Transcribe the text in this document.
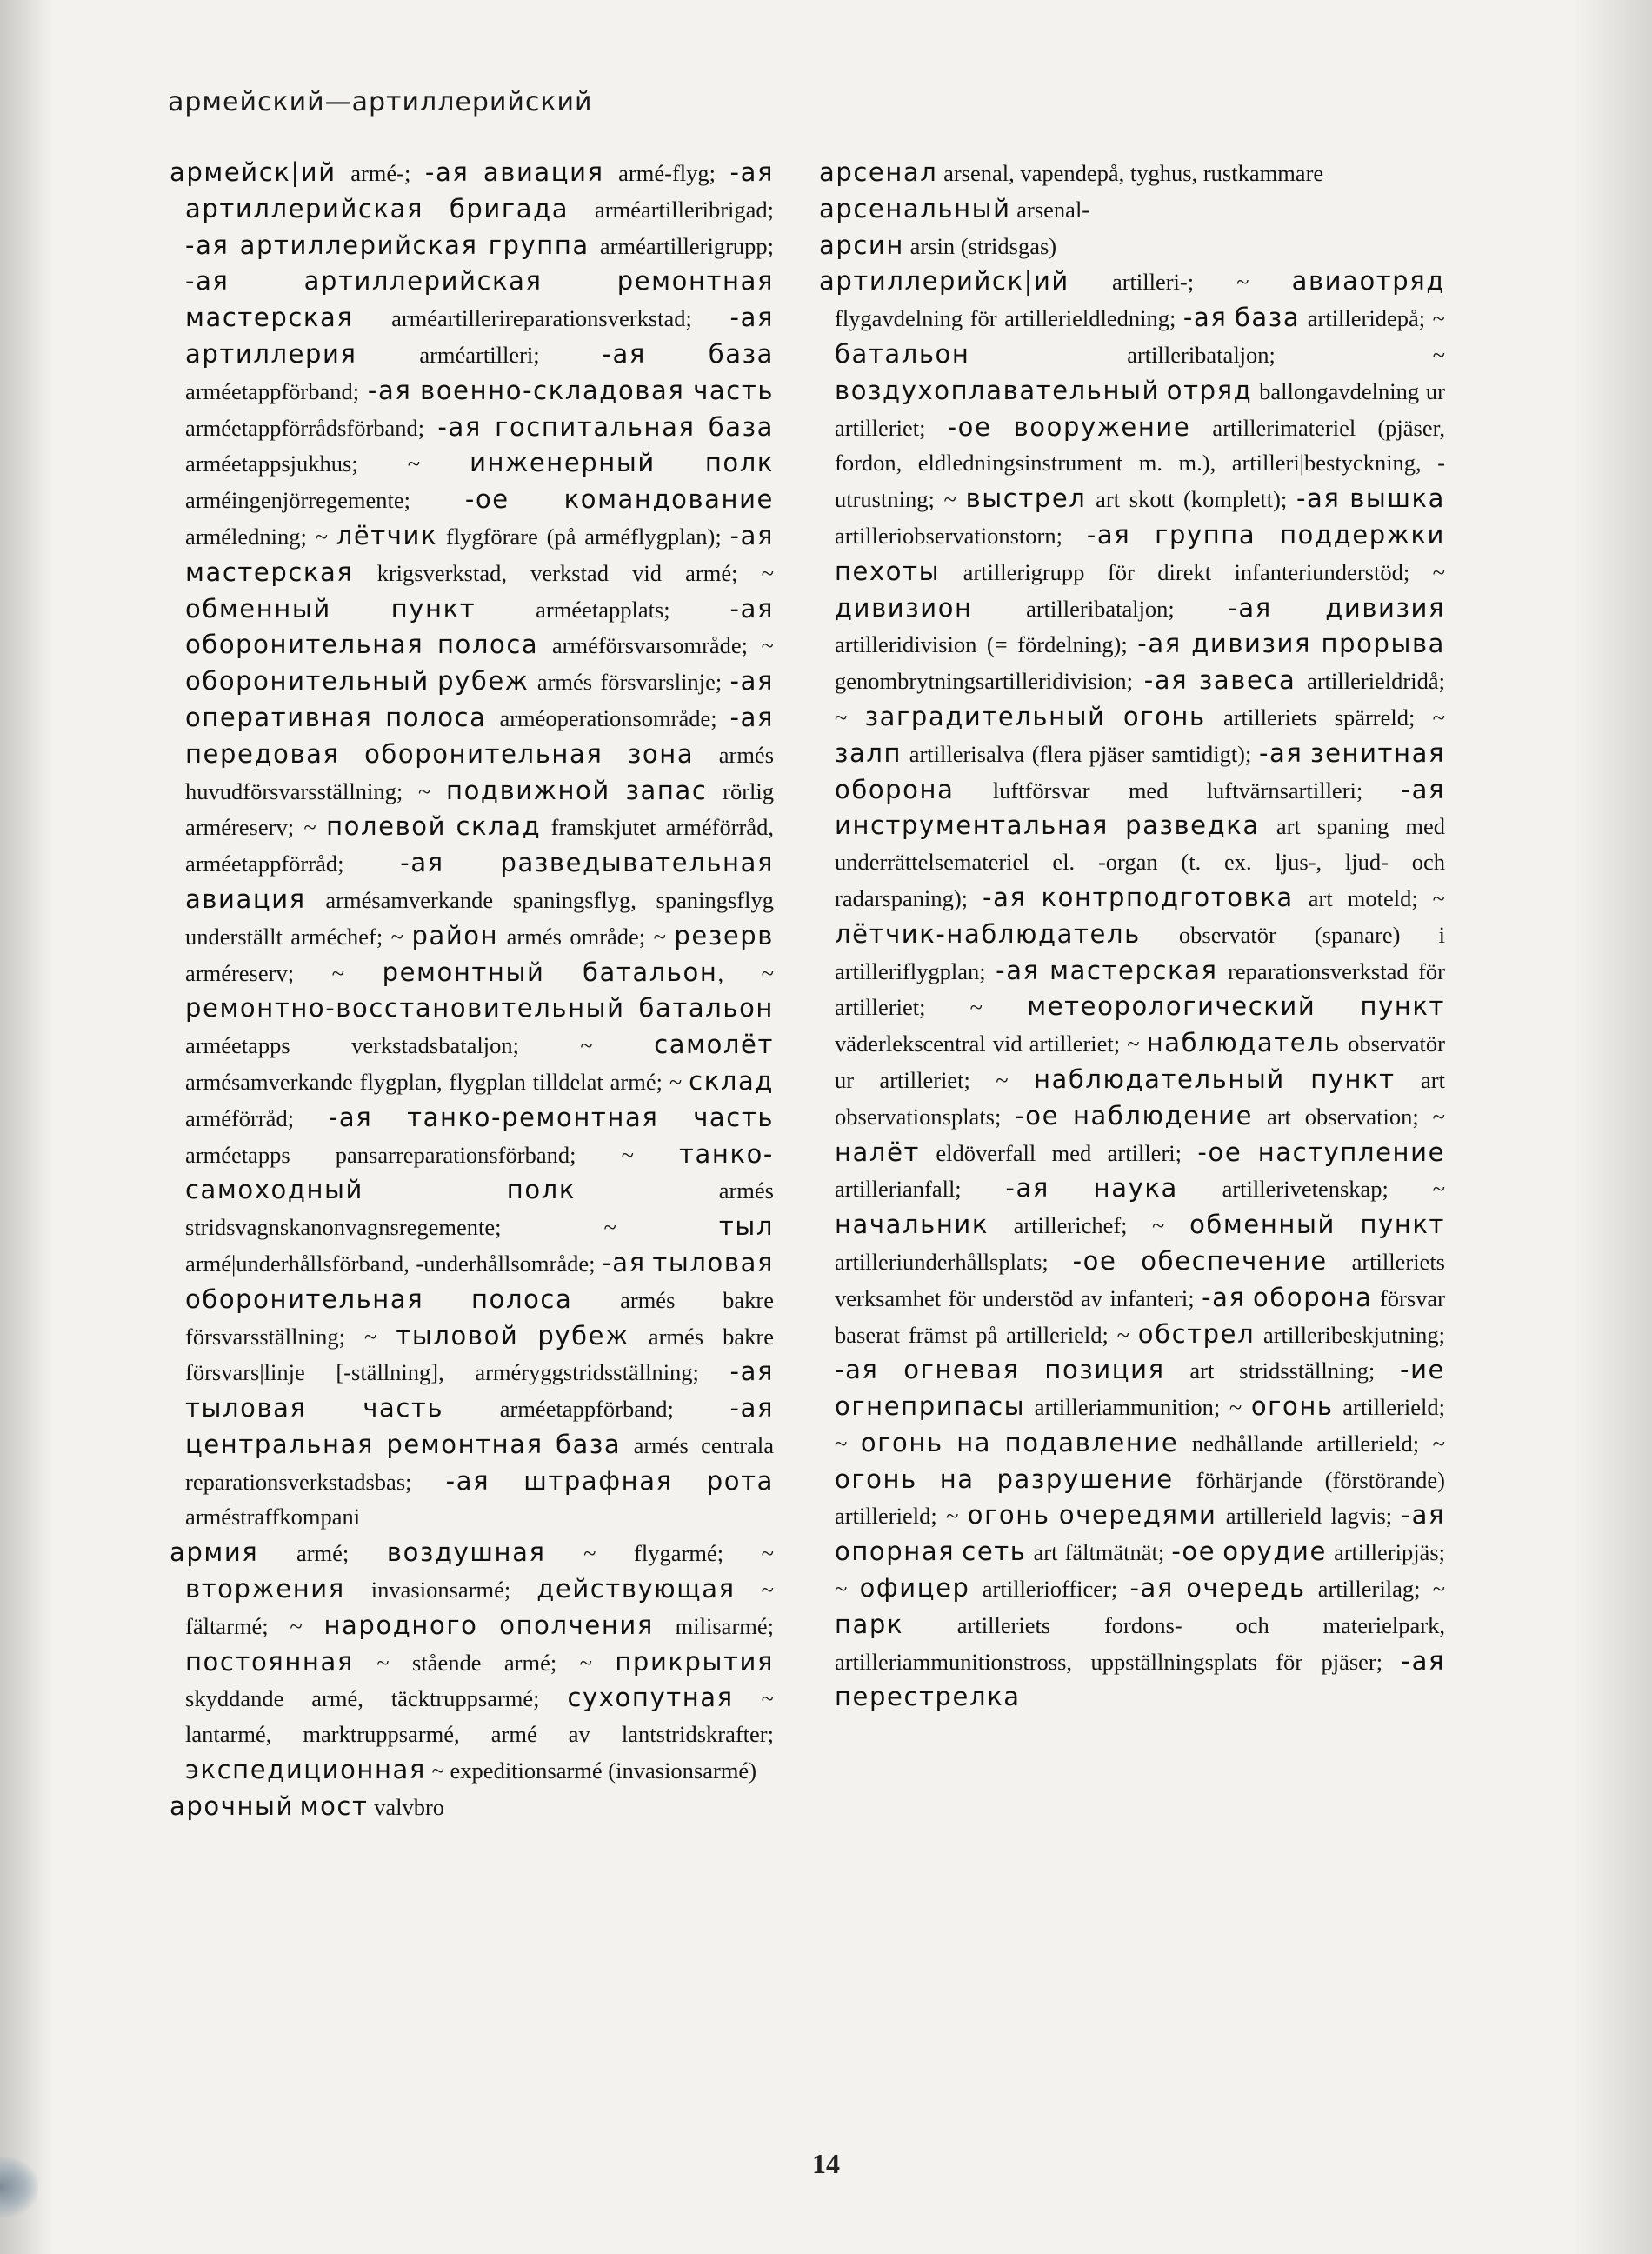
армейский—артиллерийский

армейск|ий armé-; -ая авиация armé-flyg; -ая артиллерийская бригада arméartilleribrigad; -ая артиллерийская группа arméartillerigrupp; -ая	артиллерийская	ремонтная мастерская arméartillerireparationsverkstad; -ая артиллерия arméartilleri; -ая база arméetappförband; -ая военно-складовая часть arméetappförrådsförband; -ая госпитальная база arméetappsjukhus; ~ инженерный полк arméingenjörregemente; -ое командование arméledning; ~ лётчик flygförare (på arméflygplan); -ая мастерская krigsverkstad, verkstad vid armé; ~ обменный пункт arméetapplats; -ая оборонительная полоса arméförsvarsområde; ~ оборонительный рубеж armés försvarslinje; -ая оперативная полоса arméoperationsområde; -ая передовая оборонительная зона armés huvudförsvarsställning; ~ подвижной запас rörlig arméreserv; ~ полевой склад framskjutet arméförråd, arméetappförråd; -ая разведывательная авиация armésamverkande spaningsflyg, spaningsflyg underställt arméchef; ~ район armés område; ~ резерв arméreserv; ~ ремонтный батальон, ~ ремонтно-восстановительный батальон arméetapps verkstadsbataljon; ~ самолёт armésamverkande flygplan, flygplan tilldelat armé; ~ склад arméförråd; -ая танко-ремонтная часть arméetapps pansarreparationsförband; ~ танко-самоходный	полк armés stridsvagnskanonvagnsregemente; ~ тыл armé|underhållsförband, -underhållsområde; -ая тыловая оборонительная полоса armés bakre försvarsställning; ~ тыловой рубеж armés bakre försvars|linje [-ställning], arméryggstridsställning; -ая тыловая часть arméetappförband; -ая центральная ремонтная база armés centrala reparationsverkstadsbas; -ая штрафная рота arméstraffkompani

армия armé; воздушная ~ flygarmé; ~ вторжения invasionsarmé; действующая ~ fältarmé; ~ народного ополчения milisarmé; постоянная ~ stående armé; ~ прикрытия skyddande armé, täcktruppsarmé; сухопутная ~ lantarmé, marktruppsarmé, armé av lantstridskrafter; экспедиционная ~ expeditionsarmé (invasionsarmé)

арочный мост valvbro

арсенал arsenal, vapendepå, tyghus, rustkammare

арсенальный arsenal-

арсин arsin (stridsgas)

артиллерийск|ий artilleri-; ~ авиаотряд flygavdelning för artillerieldledning; -ая база artilleridepå; ~ батальон artilleribataljon; ~ воздухоплавательный отряд ballongavdelning ur artilleriet; -ое вооружение artillerimateriel (pjäser, fordon, eldledningsinstrument m. m.), artilleri|bestyckning, -utrustning; ~ выстрел art skott (komplett); -ая вышка artilleriobservationstorn; -ая группа поддержки пехоты artillerigrupp för direkt infanteriunderstöd; ~ дивизион artilleribataljon; -ая дивизия artilleridivision (= fördelning); -ая дивизия прорыва genombrytningsartilleridivision; -ая завеса artillerieldridå; ~ заградительный огонь artilleriets spärreld; ~ залп artillerisalva (flera pjäser samtidigt); -ая зенитная оборона luftförsvar med luftvärnsartilleri; -ая инструментальная разведка art spaning med underrättelsemateriel el. -organ (t. ex. ljus-, ljud- och radarspaning); -ая контрподготовка art moteld; ~ лётчик-наблюдатель observatör (spanare) i artilleriflygplan; -ая мастерская reparationsverkstad för artilleriet; ~ метеорологический пункт väderlekscentral vid artilleriet; ~ наблюдатель observatör ur artilleriet; ~ наблюдательный пункт art observationsplats; -ое наблюдение art observation; ~ налёт eldöverfall med artilleri; -ое наступление artillerianfall; -ая наука artillerivetenskap; ~ начальник artillerichef; ~ обменный пункт artilleriunderhållsplats; -ое обеспечение artilleriets verksamhet för understöd av infanteri; -ая оборона försvar baserat främst på artillerield; ~ обстрел artilleribeskjutning; -ая огневая позиция art stridsställning; -ие огнеприпасы artilleriammunition; ~ огонь artillerield; ~ огонь на подавление nedhållande artillerield; ~ огонь на разрушение förhärjande (förstörande) artillerield; ~ огонь очередями artillerield lagvis; -ая опорная сеть art fältmätnät; -ое орудие artilleripjäs; ~ офицер artilleriofficer; -ая очередь artillerilag; ~ парк artilleriets fordons- och materielpark, artilleriammunitionstross, uppställningsplats för pjäser; -ая перестрелка

14
